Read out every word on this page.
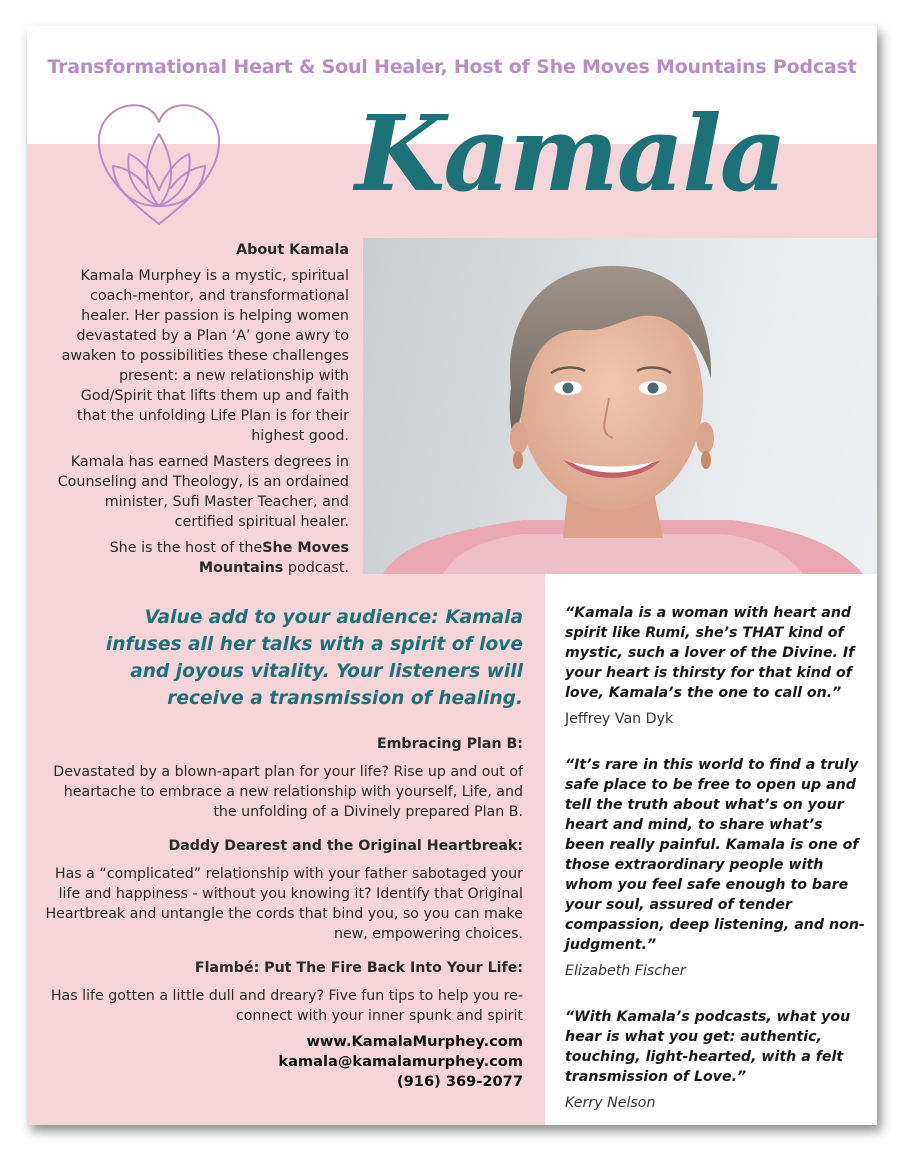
Transformational Heart & Soul Healer, Host of She Moves Mountains Podcast
Kamala
About Kamala

Kamala Murphey is a mystic, spiritual coach-mentor, and transformational healer. Her passion is helping women devastated by a Plan ‘A’ gone awry to awaken to possibilities these challenges present: a new relationship with God/Spirit that lifts them up and faith that the unfolding Life Plan is for their highest good.

Kamala has earned Masters degrees in Counseling and Theology, is an ordained minister, Sufi Master Teacher, and certified spiritual healer.

She is the host of theShe Moves Mountains podcast.

Value add to your audience: Kamala infuses all her talks with a spirit of love and joyous vitality. Your listeners will receive a transmission of healing.
Embracing Plan B:
Devastated by a blown-apart plan for your life? Rise up and out of heartache to embrace a new relationship with yourself, Life, and the unfolding of a Divinely prepared Plan B.
Daddy Dearest and the Original Heartbreak:
Has a “complicated” relationship with your father sabotaged your life and happiness - without you knowing it? Identify that Original Heartbreak and untangle the cords that bind you, so you can make new, empowering choices.
Flambé: Put The Fire Back Into Your Life:
Has life gotten a little dull and dreary? Five fun tips to help you re-connect with your inner spunk and spirit
www.KamalaMurphey.com
kamala@kamalamurphey.com
(916) 369-2077
“Kamala is a woman with heart and spirit like Rumi, she’s THAT kind of mystic, such a lover of the Divine. If your heart is thirsty for that kind of love, Kamala’s the one to call on.”
Jeffrey Van Dyk
“It’s rare in this world to find a truly safe place to be free to open up and tell the truth about what’s on your heart and mind, to share what’s been really painful. Kamala is one of those extraordinary people with whom you feel safe enough to bare your soul, assured of tender compassion, deep listening, and non-judgment.”
Elizabeth Fischer
“With Kamala’s podcasts, what you hear is what you get: authentic, touching, light-hearted, with a felt transmission of Love.”
Kerry Nelson
